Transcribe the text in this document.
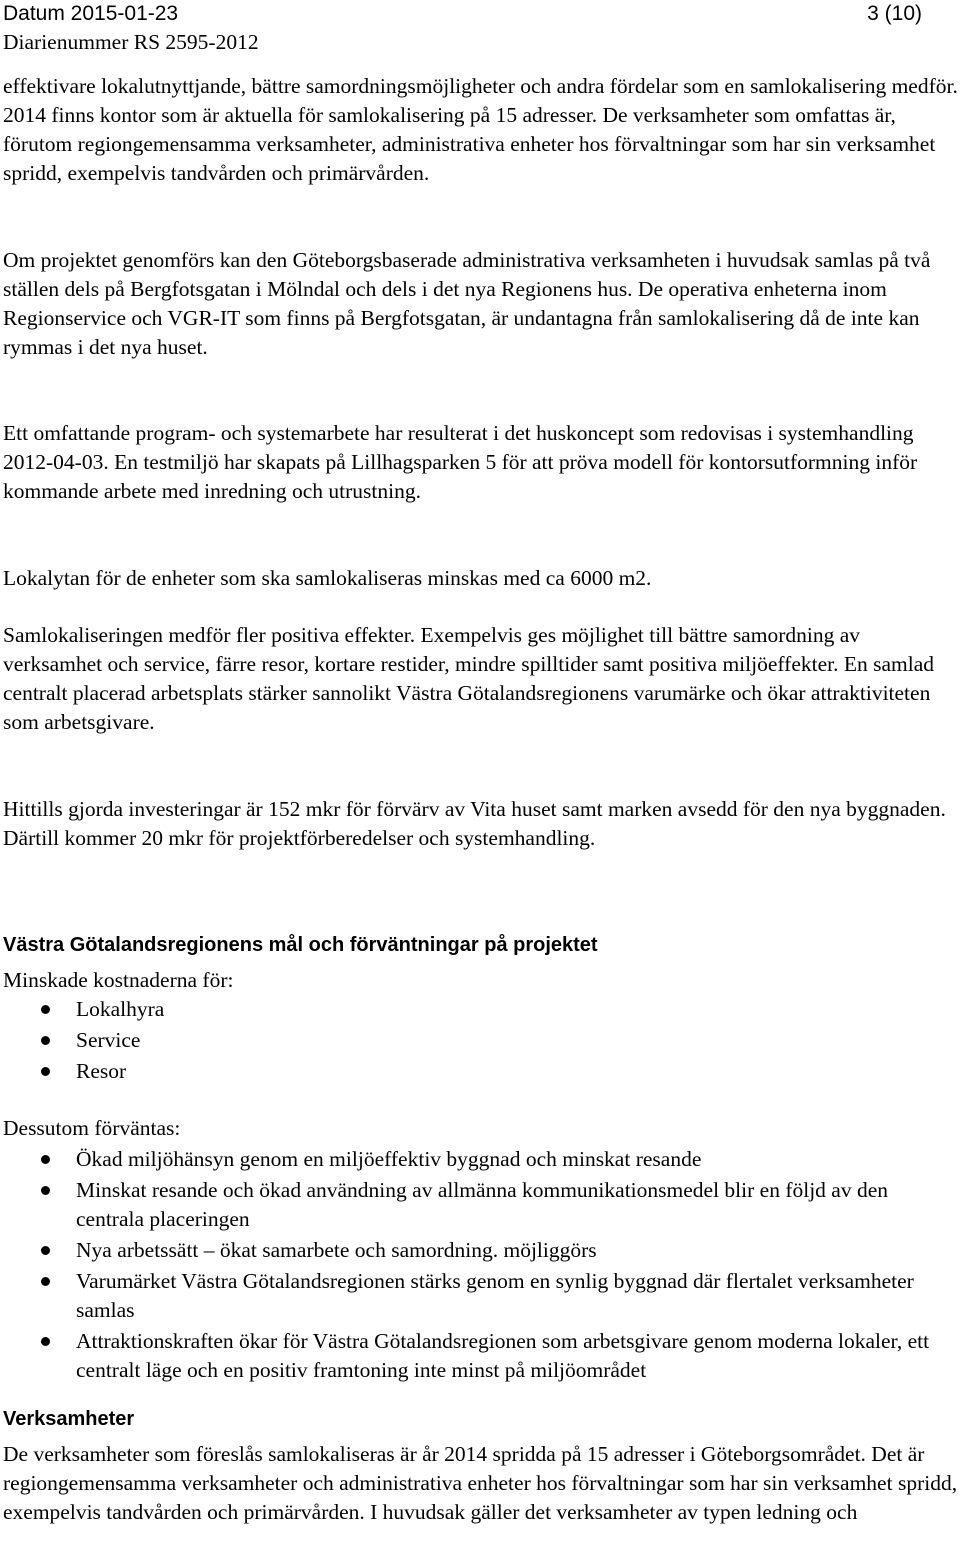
Datum 2015-01-23
Diarienummer RS 2595-2012
3 (10)

effektivare lokalutnyttjande, bättre samordningsmöjligheter och andra fördelar som en samlokalisering medför. 2014 finns kontor som är aktuella för samlokalisering på 15 adresser. De verksamheter som omfattas är, förutom regiongemensamma verksamheter, administrativa enheter hos förvaltningar som har sin verksamhet spridd, exempelvis tandvården och primärvården.

Om projektet genomförs kan den Göteborgsbaserade administrativa verksamheten i huvudsak samlas på två ställen dels på Bergfotsgatan i Mölndal och dels i det nya Regionens hus. De operativa enheterna inom Regionservice och VGR-IT som finns på Bergfotsgatan, är undantagna från samlokalisering då de inte kan rymmas i det nya huset.

Ett omfattande program- och systemarbete har resulterat i det huskoncept som redovisas i systemhandling 2012-04-03. En testmiljö har skapats på Lillhagsparken 5 för att pröva modell för kontorsutformning inför kommande arbete med inredning och utrustning.

Lokalytan för de enheter som ska samlokaliseras minskas med ca 6000 m2.

Samlokaliseringen medför fler positiva effekter. Exempelvis ges möjlighet till bättre samordning av verksamhet och service, färre resor, kortare restider, mindre spilltider samt positiva miljöeffekter. En samlad centralt placerad arbetsplats stärker sannolikt Västra Götalandsregionens varumärke och ökar attraktiviteten som arbetsgivare.

Hittills gjorda investeringar är 152 mkr för förvärv av Vita huset samt marken avsedd för den nya byggnaden. Därtill kommer 20 mkr för projektförberedelser och systemhandling.

Västra Götalandsregionens mål och förväntningar på projektet

Minskade kostnaderna för:

Lokalhyra
Service
Resor

Dessutom förväntas:

Ökad miljöhänsyn genom en miljöeffektiv byggnad och minskat resande
Minskat resande och ökad användning av allmänna kommunikationsmedel blir en följd av den centrala placeringen
Nya arbetssätt – ökat samarbete och samordning. möjliggörs
Varumärket Västra Götalandsregionen stärks genom en synlig byggnad där flertalet verksamheter samlas
Attraktionskraften ökar för Västra Götalandsregionen som arbetsgivare genom moderna lokaler, ett centralt läge och en positiv framtoning inte minst på miljöområdet
Verksamheter

De verksamheter som föreslås samlokaliseras är år 2014 spridda på 15 adresser i Göteborgsområdet. Det är regiongemensamma verksamheter och administrativa enheter hos förvaltningar som har sin verksamhet spridd, exempelvis tandvården och primärvården. I huvudsak gäller det verksamheter av typen ledning och
